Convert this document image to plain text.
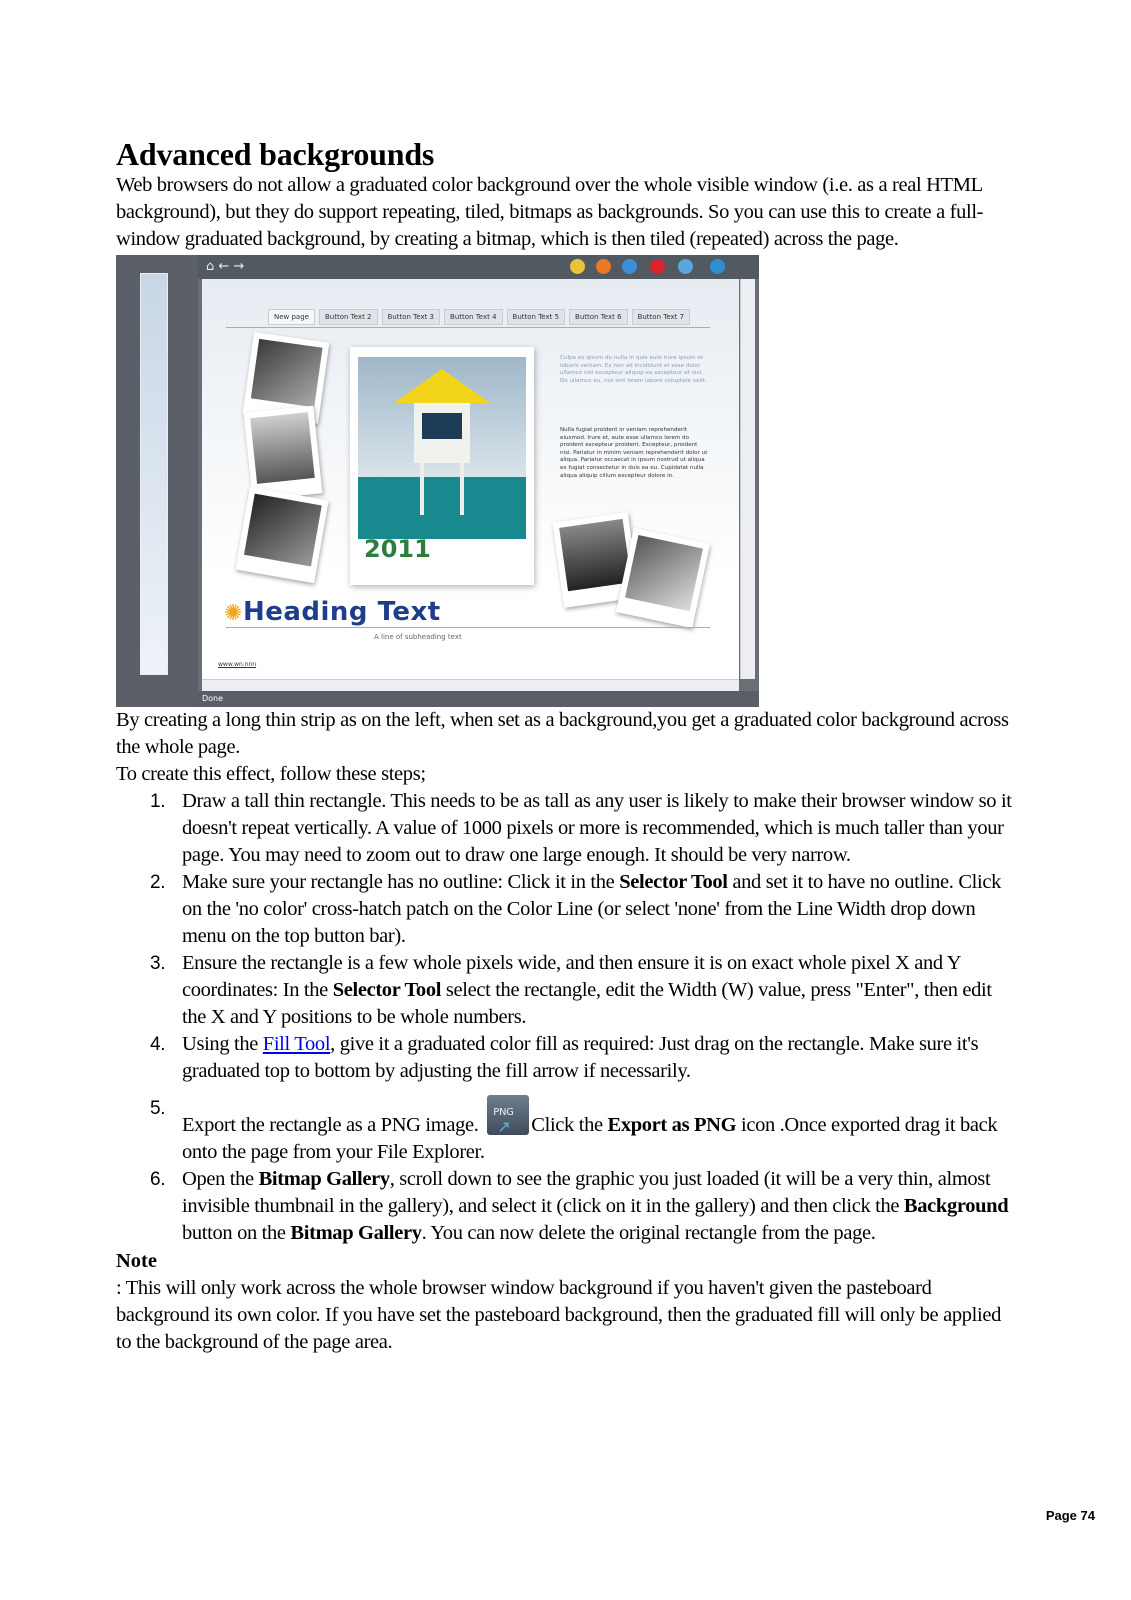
Advanced backgrounds

Web browsers do not allow a graduated color background over the whole visible window (i.e. as a real HTML background), but they do support repeating, tiled, bitmaps as backgrounds. So you can use this to create a full-window graduated background, by creating a bitmap, which is then tiled (repeated) across the page.

⌂ ← →
New page	Button Text 2	Button Text 3	Button Text 4	Button Text 5	Button Text 6	Button Text 7
2011
Culpa ex ipsum do nulla in quis aute irure ipsum et laboris veniam. Ex non ad incididunt et esse dolor ullamco nisi excepteur aliquip ea excepteur et nisi. Do ullamco eu, nisi sint lorem labore voluptate velit.
Nulla fugiat proident in veniam reprehenderit eiusmod. Irure et, aute esse ullamco lorem do proident excepteur proident. Excepteur, proident nisi. Pariatur in minim veniam reprehenderit dolor ut aliqua. Pariatur occaecat in ipsum nostrud ut aliqua ex fugiat consectetur in duis ea eu. Cupidatat nulla aliqua aliquip cillum excepteur dolore in.
✺Heading Text
A line of subheading text
www.wn.nnn
Done

By creating a long thin strip as on the left, when set as a background,you get a graduated color background across the whole page.

To create this effect, follow these steps;

1. Draw a tall thin rectangle. This needs to be as tall as any user is likely to make their browser window so it doesn't repeat vertically. A value of 1000 pixels or more is recommended, which is much taller than your page. You may need to zoom out to draw one large enough. It should be very narrow.
2. Make sure your rectangle has no outline: Click it in the Selector Tool and set it to have no outline. Click on the 'no color' cross-hatch patch on the Color Line (or select 'none' from the Line Width drop down menu on the top button bar).
3. Ensure the rectangle is a few whole pixels wide, and then ensure it is on exact whole pixel X and Y coordinates: In the Selector Tool select the rectangle, edit the Width (W) value, press "Enter", then edit the X and Y positions to be whole numbers.
4. Using the Fill Tool, give it a graduated color fill as required: Just drag on the rectangle. Make sure it's graduated top to bottom by adjusting the fill arrow if necessarily.
5.
Export the rectangle as a PNG image.
PNG
↗ Click the Export as PNG icon .Once exported drag it back onto the page from your File Explorer.
6. Open the Bitmap Gallery, scroll down to see the graphic you just loaded (it will be a very thin, almost invisible thumbnail in the gallery), and select it (click on it in the gallery) and then click the Background button on the Bitmap Gallery. You can now delete the original rectangle from the page.
Note

: This will only work across the whole browser window background if you haven't given the pasteboard background its own color. If you have set the pasteboard background, then the graduated fill will only be applied to the background of the page area.

Page 74
